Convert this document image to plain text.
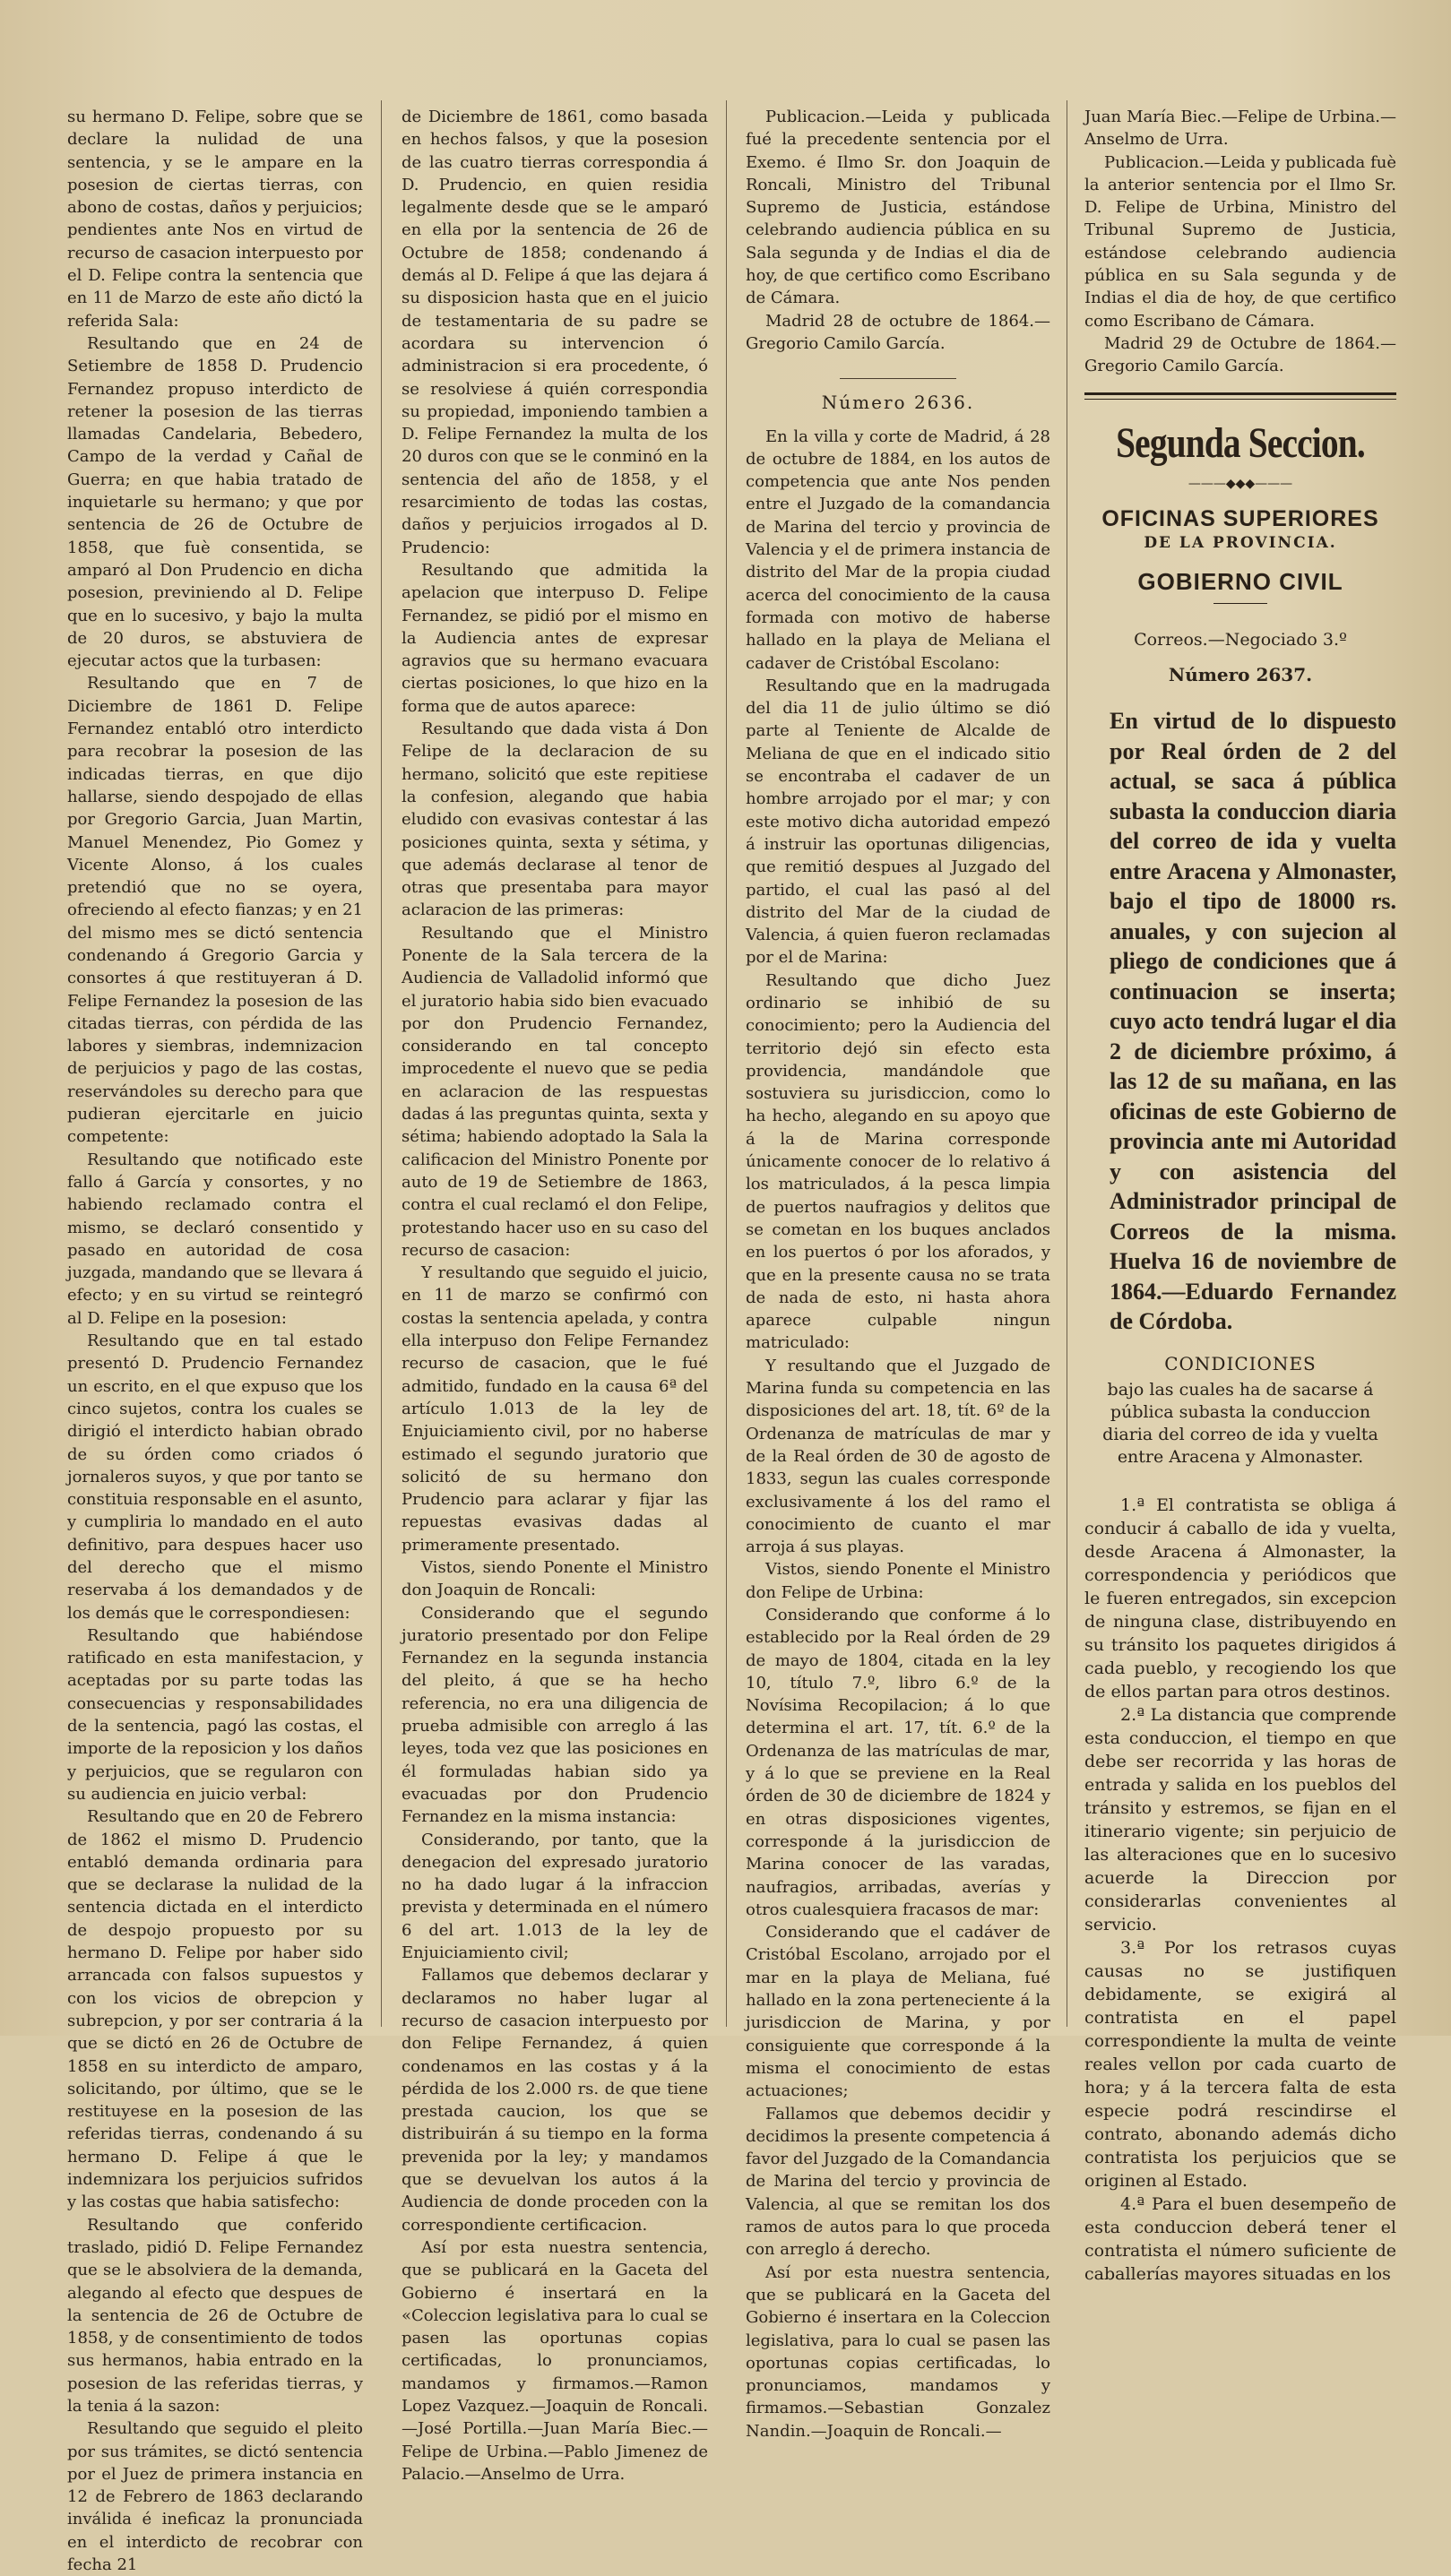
su hermano D. Felipe, sobre que se declare la nulidad de una sentencia, y se le ampare en la posesion de ciertas tierras, con abono de costas, daños y perjuicios; pendientes ante Nos en virtud de recurso de casacion interpuesto por el D. Felipe contra la sentencia que en 11 de Marzo de este año dictó la referida Sala:

Resultando que en 24 de Setiembre de 1858 D. Prudencio Fernandez propuso interdicto de retener la posesion de las tierras llamadas Candelaria, Bebedero, Campo de la verdad y Cañal de Guerra; en que habia tratado de inquietarle su hermano; y que por sentencia de 26 de Octubre de 1858, que fuè consentida, se amparó al Don Prudencio en dicha posesion, previniendo al D. Felipe que en lo sucesivo, y bajo la multa de 20 duros, se abstuviera de ejecutar actos que la turbasen:

Resultando que en 7 de Diciembre de 1861 D. Felipe Fernandez entabló otro interdicto para recobrar la posesion de las indicadas tierras, en que dijo hallarse, siendo despojado de ellas por Gregorio Garcia, Juan Martin, Manuel Menendez, Pio Gomez y Vicente Alonso, á los cuales pretendió que no se oyera, ofreciendo al efecto fianzas; y en 21 del mismo mes se dictó sentencia condenando á Gregorio Garcia y consortes á que restituyeran á D. Felipe Fernandez la posesion de las citadas tierras, con pérdida de las labores y siembras, indemnizacion de perjuicios y pago de las costas, reservándoles su derecho para que pudieran ejercitarle en juicio competente:

Resultando que notificado este fallo á García y consortes, y no habiendo reclamado contra el mismo, se declaró consentido y pasado en autoridad de cosa juzgada, mandando que se llevara á efecto; y en su virtud se reintegró al D. Felipe en la posesion:

Resultando que en tal estado presentó D. Prudencio Fernandez un escrito, en el que expuso que los cinco sujetos, contra los cuales se dirigió el interdicto habian obrado de su órden como criados ó jornaleros suyos, y que por tanto se constituia responsable en el asunto, y cumpliria lo mandado en el auto definitivo, para despues hacer uso del derecho que el mismo reservaba á los demandados y de los demás que le correspondiesen:

Resultando que habiéndose ratificado en esta manifestacion, y aceptadas por su parte todas las consecuencias y responsabilidades de la sentencia, pagó las costas, el importe de la reposicion y los daños y perjuicios, que se regularon con su audiencia en juicio verbal:

Resultando que en 20 de Febrero de 1862 el mismo D. Prudencio entabló demanda ordinaria para que se declarase la nulidad de la sentencia dictada en el interdicto de despojo propuesto por su hermano D. Felipe por haber sido arrancada con falsos supuestos y con los vicios de obrepcion y subrepcion, y por ser contraria á la que se dictó en 26 de Octubre de 1858 en su interdicto de amparo, solicitando, por último, que se le restituyese en la posesion de las referidas tierras, condenando á su hermano D. Felipe á que le indemnizara los perjuicios sufridos y las costas que habia satisfecho:

Resultando que conferido traslado, pidió D. Felipe Fernandez que se le absolviera de la demanda, alegando al efecto que despues de la sentencia de 26 de Octubre de 1858, y de consentimiento de todos sus hermanos, habia entrado en la posesion de las referidas tierras, y la tenia á la sazon:

Resultando que seguido el pleito por sus trámites, se dictó sentencia por el Juez de primera instancia en 12 de Febrero de 1863 declarando inválida é ineficaz la pronunciada en el interdicto de recobrar con fecha 21

de Diciembre de 1861, como basada en hechos falsos, y que la posesion de las cuatro tierras correspondia á D. Prudencio, en quien residia legalmente desde que se le amparó en ella por la sentencia de 26 de Octubre de 1858; condenando á demás al D. Felipe á que las dejara á su disposicion hasta que en el juicio de testamentaria de su padre se acordara su intervencion ó administracion si era procedente, ó se resolviese á quién correspondia su propiedad, imponiendo tambien a D. Felipe Fernandez la multa de los 20 duros con que se le conminó en la sentencia del año de 1858, y el resarcimiento de todas las costas, daños y perjuicios irrogados al D. Prudencio:

Resultando que admitida la apelacion que interpuso D. Felipe Fernandez, se pidió por el mismo en la Audiencia antes de expresar agravios que su hermano evacuara ciertas posiciones, lo que hizo en la forma que de autos aparece:

Resultando que dada vista á Don Felipe de la declaracion de su hermano, solicitó que este repitiese la confesion, alegando que habia eludido con evasivas contestar á las posiciones quinta, sexta y sétima, y que además declarase al tenor de otras que presentaba para mayor aclaracion de las primeras:

Resultando que el Ministro Ponente de la Sala tercera de la Audiencia de Valladolid informó que el juratorio habia sido bien evacuado por don Prudencio Fernandez, considerando en tal concepto improcedente el nuevo que se pedia en aclaracion de las respuestas dadas á las preguntas quinta, sexta y sétima; habiendo adoptado la Sala la calificacion del Ministro Ponente por auto de 19 de Setiembre de 1863, contra el cual reclamó el don Felipe, protestando hacer uso en su caso del recurso de casacion:

Y resultando que seguido el juicio, en 11 de marzo se confirmó con costas la sentencia apelada, y contra ella interpuso don Felipe Fernandez recurso de casacion, que le fué admitido, fundado en la causa 6ª del artículo 1.013 de la ley de Enjuiciamiento civil, por no haberse estimado el segundo juratorio que solicitó de su hermano don Prudencio para aclarar y fijar las repuestas evasivas dadas al primeramente presentado.

Vistos, siendo Ponente el Ministro don Joaquin de Roncali:

Considerando que el segundo juratorio presentado por don Felipe Fernandez en la segunda instancia del pleito, á que se ha hecho referencia, no era una diligencia de prueba admisible con arreglo á las leyes, toda vez que las posiciones en él formuladas habian sido ya evacuadas por don Prudencio Fernandez en la misma instancia:

Considerando, por tanto, que la denegacion del expresado juratorio no ha dado lugar á la infraccion prevista y determinada en el número 6 del art. 1.013 de la ley de Enjuiciamiento civil;

Fallamos que debemos declarar y declaramos no haber lugar al recurso de casacion interpuesto por don Felipe Fernandez, á quien condenamos en las costas y á la pérdida de los 2.000 rs. de que tiene prestada caucion, los que se distribuirán á su tiempo en la forma prevenida por la ley; y mandamos que se devuelvan los autos á la Audiencia de donde proceden con la correspondiente certificacion.

Así por esta nuestra sentencia, que se publicará en la Gaceta del Gobierno é insertará en la «Coleccion legislativa para lo cual se pasen las oportunas copias certificadas, lo pronunciamos, mandamos y firmamos.—Ramon Lopez Vazquez.—Joaquin de Roncali.—José Portilla.—Juan María Biec.—Felipe de Urbina.—Pablo Jimenez de Palacio.—Anselmo de Urra.

Publicacion.—Leida y publicada fué la precedente sentencia por el Exemo. é Ilmo Sr. don Joaquin de Roncali, Ministro del Tribunal Supremo de Justicia, estándose celebrando audiencia pública en su Sala segunda y de Indias el dia de hoy, de que certifico como Escribano de Cámara.

Madrid 28 de octubre de 1864.—Gregorio Camilo García.

Número 2636.

En la villa y corte de Madrid, á 28 de octubre de 1884, en los autos de competencia que ante Nos penden entre el Juzgado de la comandancia de Marina del tercio y provincia de Valencia y el de primera instancia de distrito del Mar de la propia ciudad acerca del conocimiento de la causa formada con motivo de haberse hallado en la playa de Meliana el cadaver de Cristóbal Escolano:

Resultando que en la madrugada del dia 11 de julio último se dió parte al Teniente de Alcalde de Meliana de que en el indicado sitio se encontraba el cadaver de un hombre arrojado por el mar; y con este motivo dicha autoridad empezó á instruir las oportunas diligencias, que remitió despues al Juzgado del partido, el cual las pasó al del distrito del Mar de la ciudad de Valencia, á quien fueron reclamadas por el de Marina:

Resultando que dicho Juez ordinario se inhibió de su conocimiento; pero la Audiencia del territorio dejó sin efecto esta providencia, mandándole que sostuviera su jurisdiccion, como lo ha hecho, alegando en su apoyo que á la de Marina corresponde únicamente conocer de lo relativo á los matriculados, á la pesca limpia de puertos naufragios y delitos que se cometan en los buques anclados en los puertos ó por los aforados, y que en la presente causa no se trata de nada de esto, ni hasta ahora aparece culpable ningun matriculado:

Y resultando que el Juzgado de Marina funda su competencia en las disposiciones del art. 18, tít. 6º de la Ordenanza de matrículas de mar y de la Real órden de 30 de agosto de 1833, segun las cuales corresponde exclusivamente á los del ramo el conocimiento de cuanto el mar arroja á sus playas.

Vistos, siendo Ponente el Ministro don Felipe de Urbina:

Considerando que conforme á lo establecido por la Real órden de 29 de mayo de 1804, citada en la ley 10, título 7.º, libro 6.º de la Novísima Recopilacion; á lo que determina el art. 17, tít. 6.º de la Ordenanza de las matrículas de mar, y á lo que se previene en la Real órden de 30 de diciembre de 1824 y en otras disposiciones vigentes, corresponde á la jurisdiccion de Marina conocer de las varadas, naufragios, arribadas, averías y otros cualesquiera fracasos de mar:

Considerando que el cadáver de Cristóbal Escolano, arrojado por el mar en la playa de Meliana, fué hallado en la zona perteneciente á la jurisdiccion de Marina, y por consiguiente que corresponde á la misma el conocimiento de estas actuaciones;

Fallamos que debemos decidir y decidimos la presente competencia á favor del Juzgado de la Comandancia de Marina del tercio y provincia de Valencia, al que se remitan los dos ramos de autos para lo que proceda con arreglo á derecho.

Así por esta nuestra sentencia, que se publicará en la Gaceta del Gobierno é insertara en la Coleccion legislativa, para lo cual se pasen las oportunas copias certificadas, lo pronunciamos, mandamos y firmamos.—Sebastian Gonzalez Nandin.—Joaquin de Roncali.—

Juan María Biec.—Felipe de Urbina.—Anselmo de Urra.

Publicacion.—Leida y publicada fuè la anterior sentencia por el Ilmo Sr. D. Felipe de Urbina, Ministro del Tribunal Supremo de Justicia, estándose celebrando audiencia pública en su Sala segunda y de Indias el dia de hoy, de que certifico como Escribano de Cámara.

Madrid 29 de Octubre de 1864.—Gregorio Camilo García.

Segunda Seccion.
———◆◆◆———
OFICINAS SUPERIORES
DE LA PROVINCIA.
GOBIERNO CIVIL
Correos.—Negociado 3.º
Número 2637.
En virtud de lo dispuesto por Real órden de 2 del actual, se saca á pública subasta la conduccion diaria del correo de ida y vuelta entre Aracena y Almonaster, bajo el tipo de 18000 rs. anuales, y con sujecion al pliego de condiciones que á continuacion se inserta; cuyo acto tendrá lugar el dia 2 de diciembre próximo, á las 12 de su mañana, en las oficinas de este Gobierno de provincia ante mi Autoridad y con asistencia del Administrador principal de Correos de la misma. Huelva 16 de noviembre de 1864.—Eduardo Fernandez de Córdoba.
CONDICIONES
bajo las cuales ha de sacarse á pública subasta la conduccion diaria del correo de ida y vuelta entre Aracena y Almonaster.

1.ª El contratista se obliga á conducir á caballo de ida y vuelta, desde Aracena á Almonaster, la correspondencia y periódicos que le fueren entregados, sin excepcion de ninguna clase, distribuyendo en su tránsito los paquetes dirigidos á cada pueblo, y recogiendo los que de ellos partan para otros destinos.

2.ª La distancia que comprende esta conduccion, el tiempo en que debe ser recorrida y las horas de entrada y salida en los pueblos del tránsito y estremos, se fijan en el itinerario vigente; sin perjuicio de las alteraciones que en lo sucesivo acuerde la Direccion por considerarlas convenientes al servicio.

3.ª Por los retrasos cuyas causas no se justifiquen debidamente, se exigirá al contratista en el papel correspondiente la multa de veinte reales vellon por cada cuarto de hora; y á la tercera falta de esta especie podrá rescindirse el contrato, abonando además dicho contratista los perjuicios que se originen al Estado.

4.ª Para el buen desempeño de esta conduccion deberá tener el contratista el número suficiente de caballerías mayores situadas en los
